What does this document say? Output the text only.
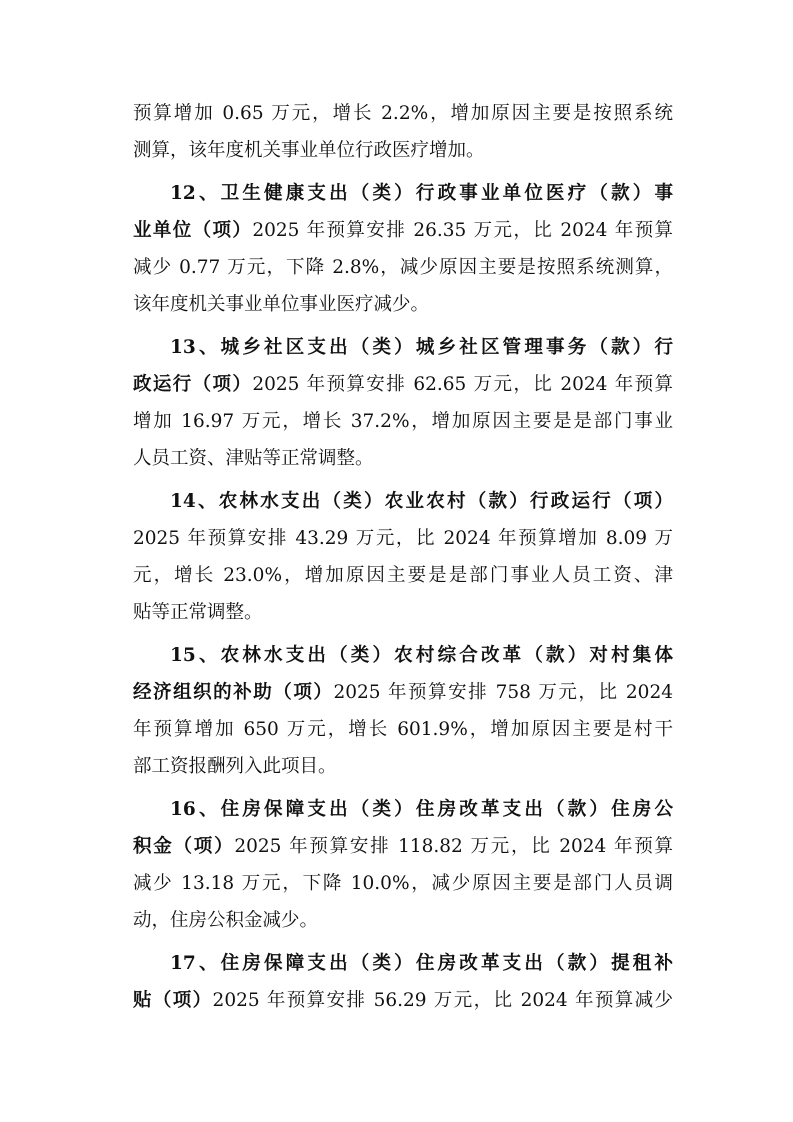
预算增加 0.65 万元，增长 2.2%，增加原因主要是按照系统
测算，该年度机关事业单位行政医疗增加。
12、卫生健康支出（类）行政事业单位医疗（款）事
业单位（项）2025 年预算安排 26.35 万元，比 2024 年预算
减少 0.77 万元，下降 2.8%，减少原因主要是按照系统测算，
该年度机关事业单位事业医疗减少。
13、城乡社区支出（类）城乡社区管理事务（款）行
政运行（项）2025 年预算安排 62.65 万元，比 2024 年预算
增加 16.97 万元，增长 37.2%，增加原因主要是是部门事业
人员工资、津贴等正常调整。
14、农林水支出（类）农业农村（款）行政运行（项）
2025 年预算安排 43.29 万元，比 2024 年预算增加 8.09 万
元，增长 23.0%，增加原因主要是是部门事业人员工资、津
贴等正常调整。
15、农林水支出（类）农村综合改革（款）对村集体
经济组织的补助（项）2025 年预算安排 758 万元，比 2024
年预算增加 650 万元，增长 601.9%，增加原因主要是村干
部工资报酬列入此项目。
16、住房保障支出（类）住房改革支出（款）住房公
积金（项）2025 年预算安排 118.82 万元，比 2024 年预算
减少 13.18 万元，下降 10.0%，减少原因主要是部门人员调
动，住房公积金减少。
17、住房保障支出（类）住房改革支出（款）提租补
贴（项）2025 年预算安排 56.29 万元，比 2024 年预算减少
